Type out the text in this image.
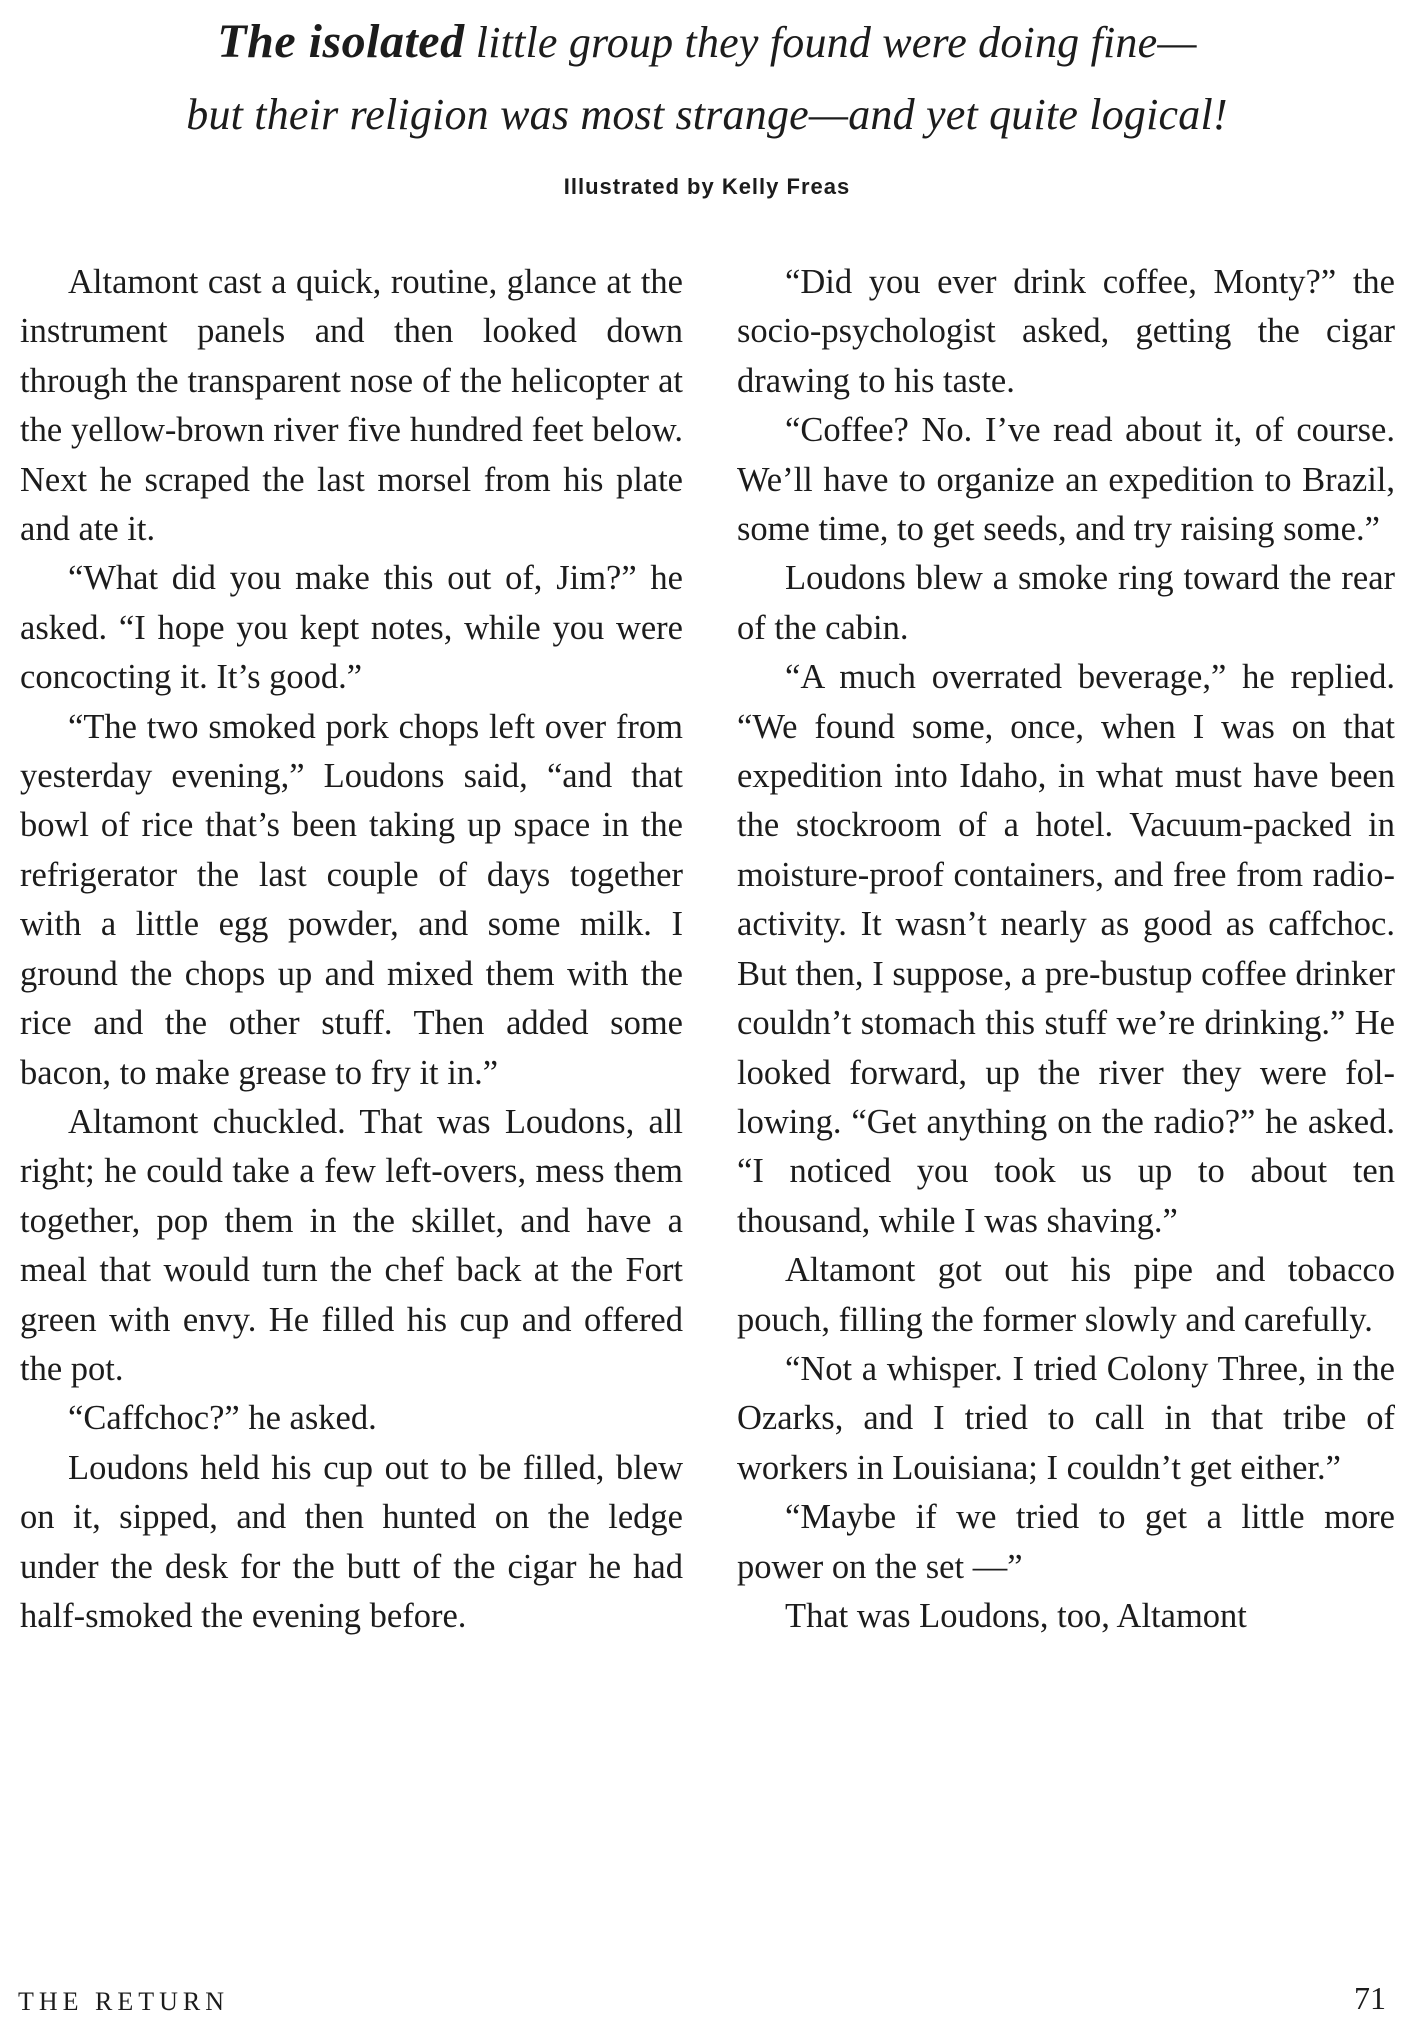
The isolated little group they found were doing fine—
but their religion was most strange—and yet quite logical!
Illustrated by Kelly Freas

Altamont cast a quick, routine, glance at the instrument panels and then looked down through the transparent nose of the helicopter at the yellow-brown river five hundred feet below. Next he scraped the last morsel from his plate and ate it.

“What did you make this out of, Jim?” he asked. “I hope you kept notes, while you were concocting it. It’s good.”

“The two smoked pork chops left over from yesterday evening,” Loudons said, “and that bowl of rice that’s been taking up space in the refrigerator the last couple of days together with a little egg powder, and some milk. I ground the chops up and mixed them with the rice and the other stuff. Then added some bacon, to make grease to fry it in.”

Altamont chuckled. That was Loudons, all right; he could take a few left-overs, mess them together, pop them in the skillet, and have a meal that would turn the chef back at the Fort green with envy. He filled his cup and offered the pot.

“Caffchoc?” he asked.

Loudons held his cup out to be filled, blew on it, sipped, and then hunted on the ledge under the desk for the butt of the cigar he had half-smoked the evening before.

“Did you ever drink coffee, Monty?” the socio-psychologist asked, getting the cigar drawing to his taste.

“Coffee? No. I’ve read about it, of course. We’ll have to organize an expedition to Brazil, some time, to get seeds, and try raising some.”

Loudons blew a smoke ring toward the rear of the cabin.

“A much overrated beverage,” he replied. “We found some, once, when I was on that expedition into Idaho, in what must have been the stockroom of a hotel. Vacuum-packed in moisture-proof containers, and free from radioactivity. It wasn’t nearly as good as caffchoc. But then, I suppose, a pre-bustup coffee drinker couldn’t stomach this stuff we’re drinking.” He looked forward, up the river they were following. “Get anything on the radio?” he asked. “I noticed you took us up to about ten thousand, while I was shaving.”

Altamont got out his pipe and tobacco pouch, filling the former slowly and carefully.

“Not a whisper. I tried Colony Three, in the Ozarks, and I tried to call in that tribe of workers in Louisiana; I couldn’t get either.”

“Maybe if we tried to get a little more power on the set —”

That was Loudons, too, Altamont

THE RETURN	71
